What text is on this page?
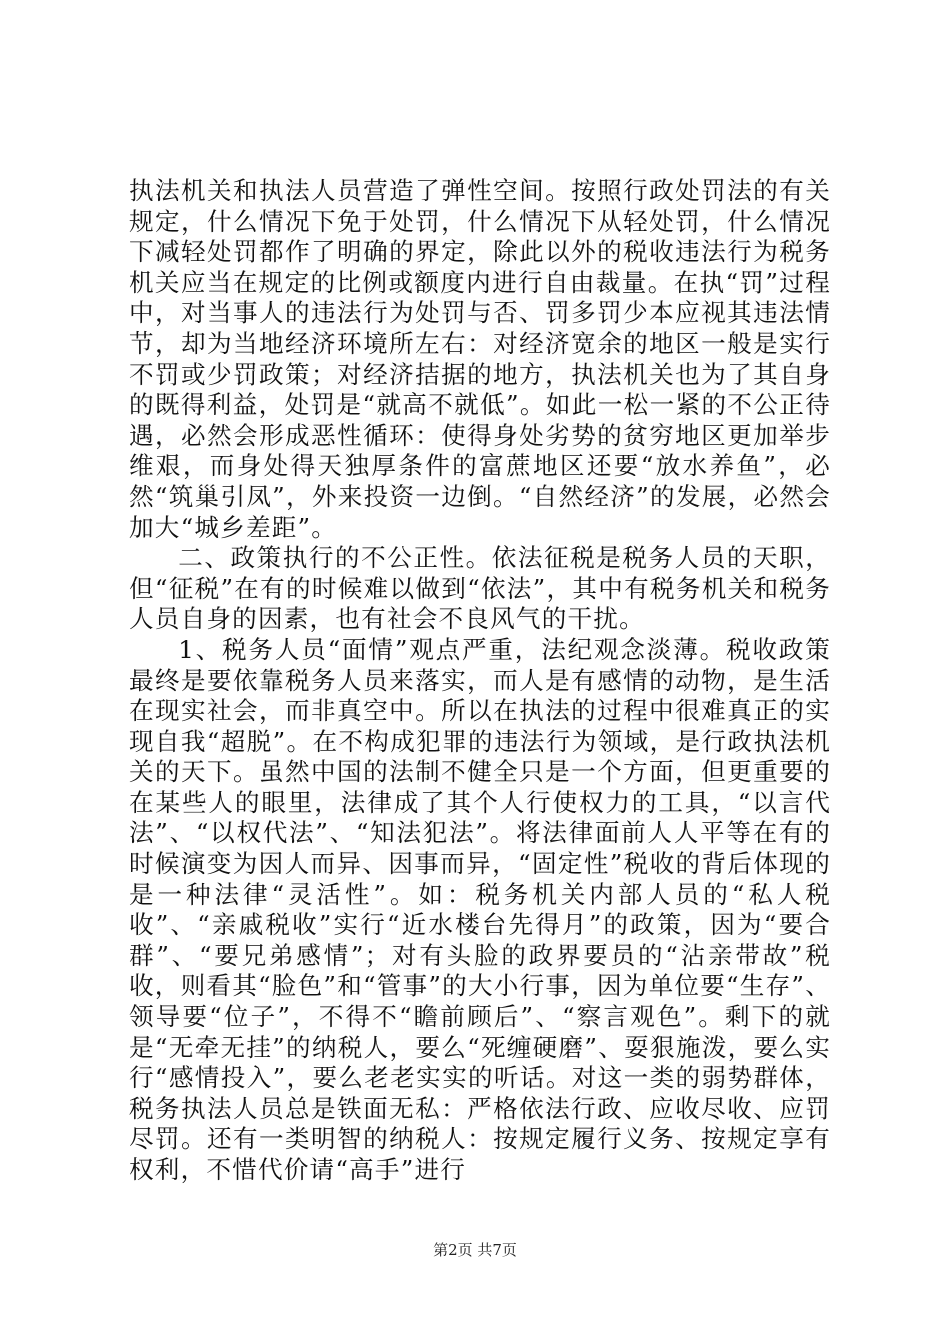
执法机关和执法人员营造了弹性空间。按照行政处罚法的有关规定，什么情况下免于处罚，什么情况下从轻处罚，什么情况下减轻处罚都作了明确的界定，除此以外的税收违法行为税务机关应当在规定的比例或额度内进行自由裁量。在执“罚”过程中，对当事人的违法行为处罚与否、罚多罚少本应视其违法情节，却为当地经济环境所左右：对经济宽余的地区一般是实行不罚或少罚政策；对经济拮据的地方，执法机关也为了其自身的既得利益，处罚是“就高不就低”。如此一松一紧的不公正待遇，必然会形成恶性循环：使得身处劣势的贫穷地区更加举步维艰，而身处得天独厚条件的富蔗地区还要“放水养鱼”，必然“筑巢引凤”，外来投资一边倒。“自然经济”的发展，必然会加大“城乡差距”。

二、政策执行的不公正性。依法征税是税务人员的天职，但“征税”在有的时候难以做到“依法”，其中有税务机关和税务人员自身的因素，也有社会不良风气的干扰。

1、税务人员“面情”观点严重，法纪观念淡薄。税收政策最终是要依靠税务人员来落实，而人是有感情的动物，是生活在现实社会，而非真空中。所以在执法的过程中很难真正的实现自我“超脱”。在不构成犯罪的违法行为领域，是行政执法机关的天下。虽然中国的法制不健全只是一个方面，但更重要的在某些人的眼里，法律成了其个人行使权力的工具，“以言代法”、“以权代法”、“知法犯法”。将法律面前人人平等在有的时候演变为因人而异、因事而异，“固定性”税收的背后体现的是一种法律“灵活性”。如：税务机关内部人员的“私人税收”、“亲戚税收”实行“近水楼台先得月”的政策，因为“要合群”、“要兄弟感情”；对有头脸的政界要员的“沾亲带故”税收，则看其“脸色”和“管事”的大小行事，因为单位要“生存”、领导要“位子”，不得不“瞻前顾后”、“察言观色”。剩下的就是“无牵无挂”的纳税人，要么“死缠硬磨”、耍狠施泼，要么实行“感情投入”，要么老老实实的听话。对这一类的弱势群体，税务执法人员总是铁面无私：严格依法行政、应收尽收、应罚尽罚。还有一类明智的纳税人：按规定履行义务、按规定享有权利，不惜代价请“高手”进行

第2页 共7页
